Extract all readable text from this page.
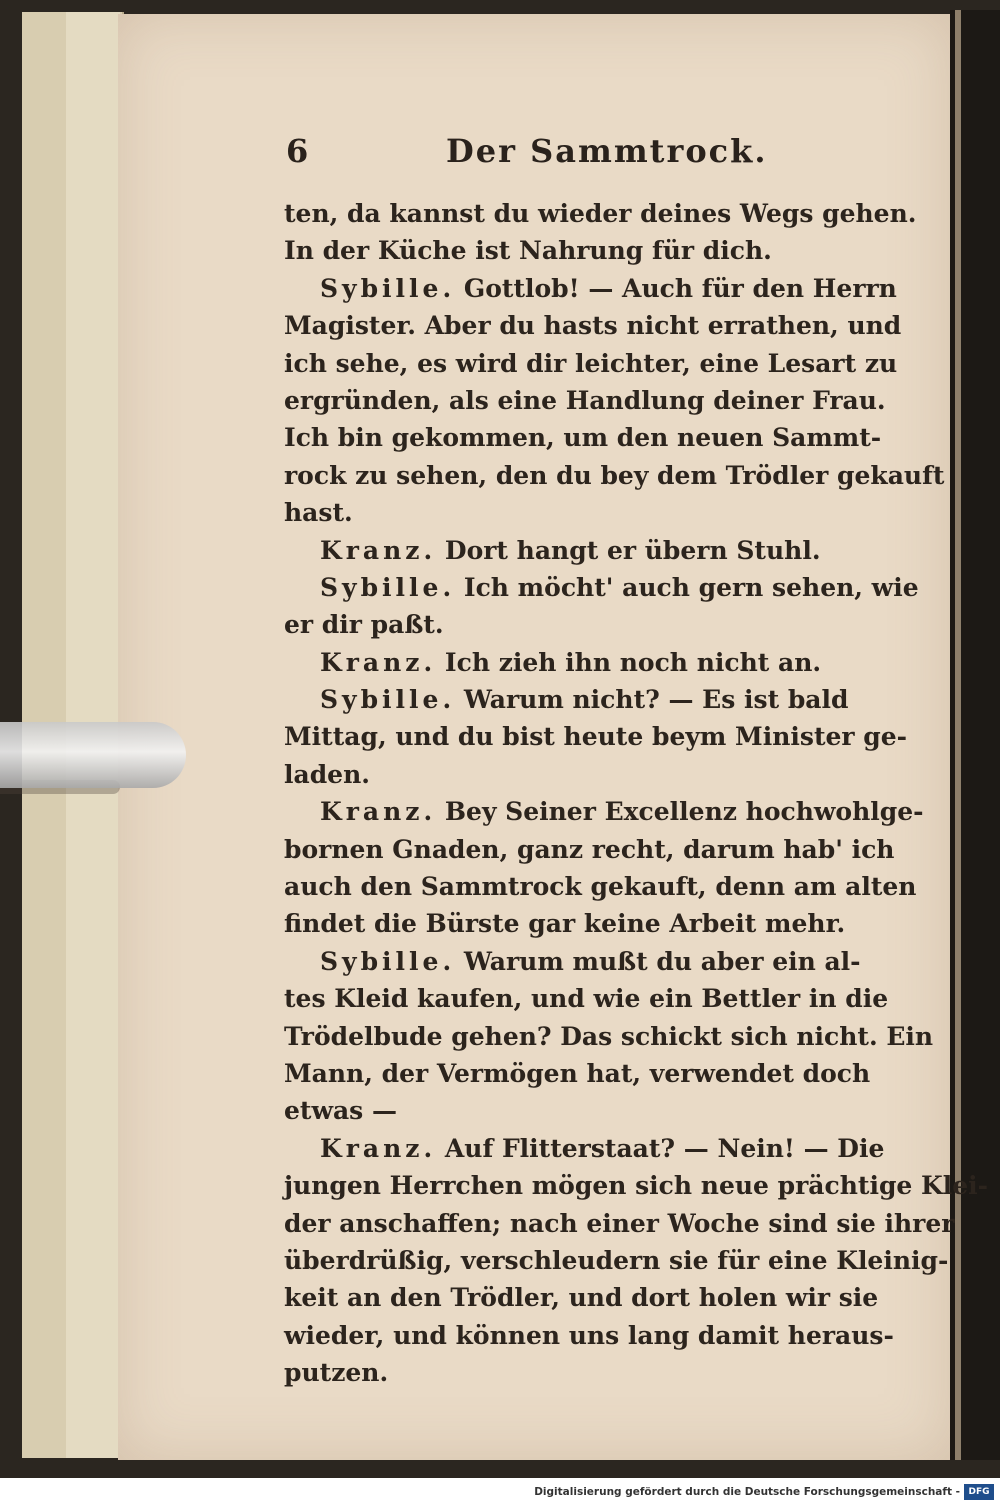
6	Der Sammtrock.
ten, da kannst du wieder deines Wegs gehen.
In der Küche ist Nahrung für dich.
Sybille. Gottlob! — Auch für den Herrn
Magister. Aber du hasts nicht errathen, und
ich sehe, es wird dir leichter, eine Lesart zu
ergründen, als eine Handlung deiner Frau.
Ich bin gekommen, um den neuen Sammt-
rock zu sehen, den du bey dem Trödler gekauft
hast.
Kranz. Dort hangt er übern Stuhl.
Sybille. Ich möcht' auch gern sehen, wie
er dir paßt.
Kranz. Ich zieh ihn noch nicht an.
Sybille. Warum nicht? — Es ist bald
Mittag, und du bist heute beym Minister ge-
laden.
Kranz. Bey Seiner Excellenz hochwohlge-
bornen Gnaden, ganz recht, darum hab' ich
auch den Sammtrock gekauft, denn am alten
findet die Bürste gar keine Arbeit mehr.
Sybille. Warum mußt du aber ein al-
tes Kleid kaufen, und wie ein Bettler in die
Trödelbude gehen? Das schickt sich nicht. Ein
Mann, der Vermögen hat, verwendet doch
etwas —
Kranz. Auf Flitterstaat? — Nein! — Die
jungen Herrchen mögen sich neue prächtige Klei-
der anschaffen; nach einer Woche sind sie ihrer
überdrüßig, verschleudern sie für eine Kleinig-
keit an den Trödler, und dort holen wir sie
wieder, und können uns lang damit heraus-
putzen.
Digitalisierung gefördert durch die Deutsche Forschungsgemeinschaft - DFG
